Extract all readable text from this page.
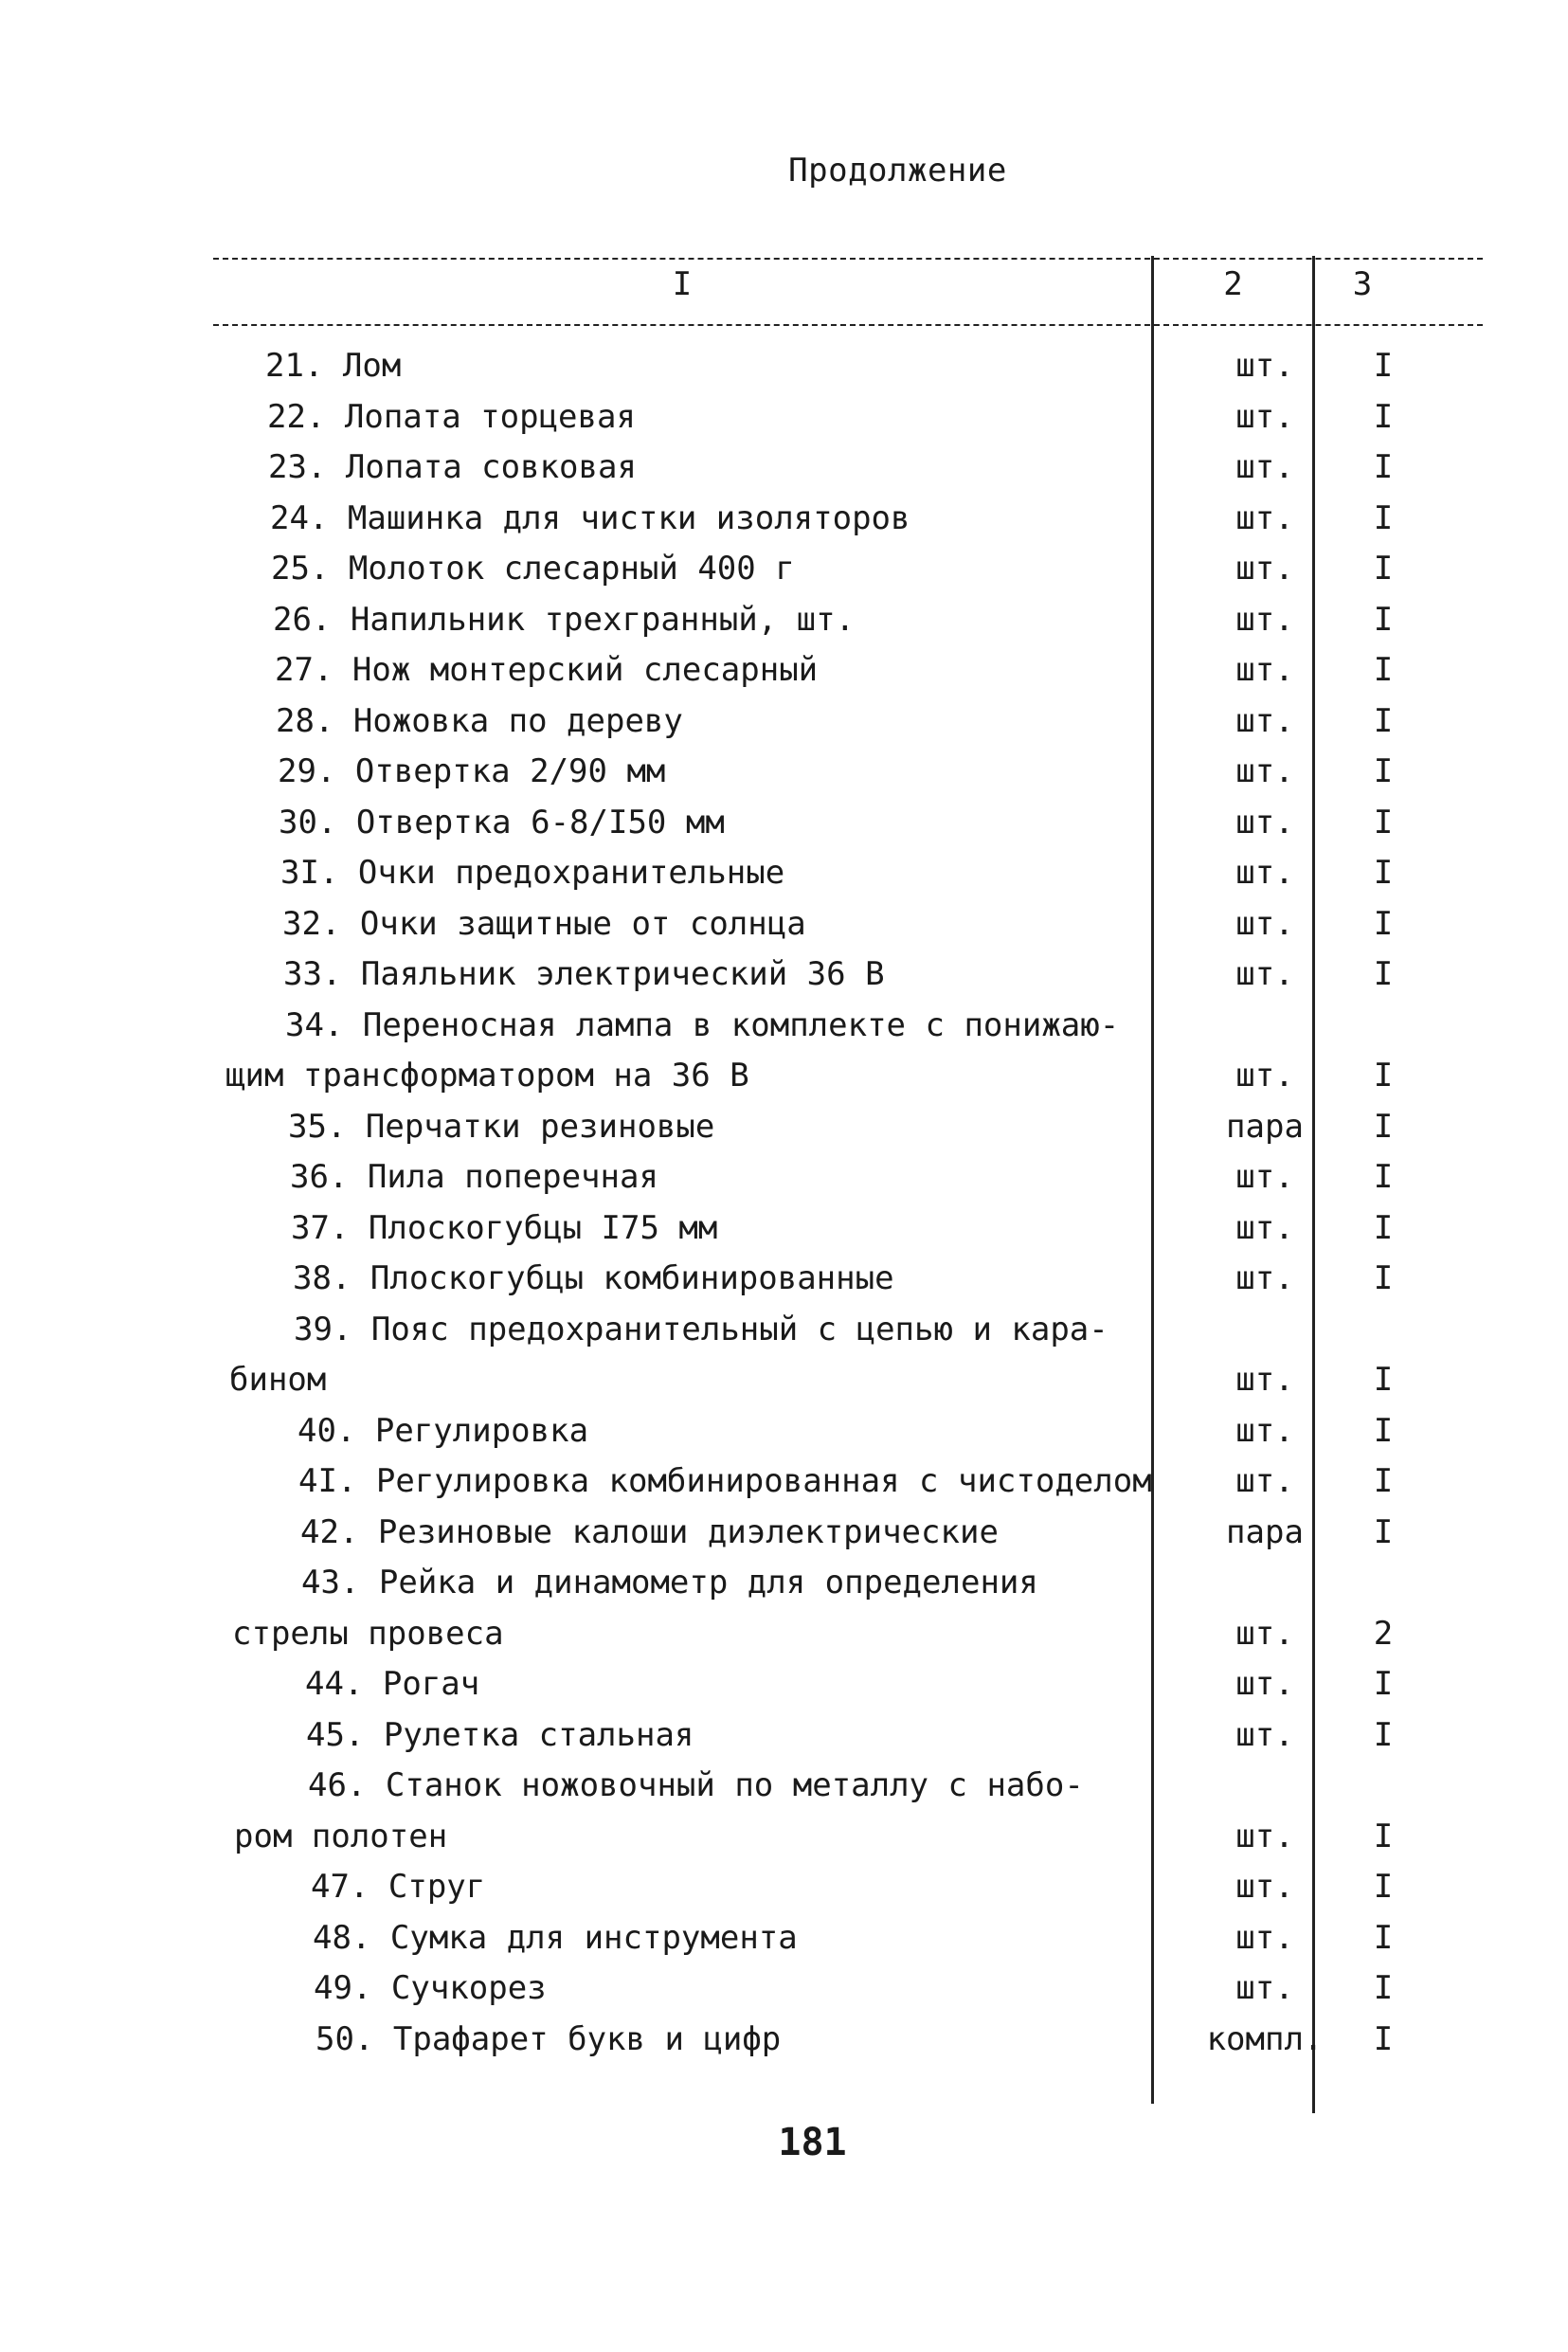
Продолжение
I	2	3
21. Лом	шт.	I
22. Лопата торцевая	шт.	I
23. Лопата совковая	шт.	I
24. Машинка для чистки изоляторов	шт.	I
25. Молоток слесарный 400 г	шт.	I
26. Напильник трехгранный, шт.	шт.	I
27. Нож монтерский слесарный	шт.	I
28. Ножовка по дереву	шт.	I
29. Отвертка 2/90 мм	шт.	I
30. Отвертка 6-8/I50 мм	шт.	I
3I. Очки предохранительные	шт.	I
32. Очки защитные от солнца	шт.	I
33. Паяльник электрический 36 В	шт.	I
34. Переносная лампа в комплекте с понижаю-
щим трансформатором на 36 В	шт.	I
35. Перчатки резиновые	пара	I
36. Пила поперечная	шт.	I
37. Плоскогубцы I75 мм	шт.	I
38. Плоскогубцы комбинированные	шт.	I
39. Пояс предохранительный с цепью и кара-
бином	шт.	I
40. Регулировка	шт.	I
4I. Регулировка комбинированная с чистоделом	шт.	I
42. Резиновые калоши диэлектрические	пара	I
43. Рейка и динамометр для определения
стрелы провеса	шт.	2
44. Рогач	шт.	I
45. Рулетка стальная	шт.	I
46. Станок ножовочный по металлу с набо-
ром полотен	шт.	I
47. Струг	шт.	I
48. Сумка для инструмента	шт.	I
49. Сучкорез	шт.	I
50. Трафарет букв и цифр	компл.	I
181
